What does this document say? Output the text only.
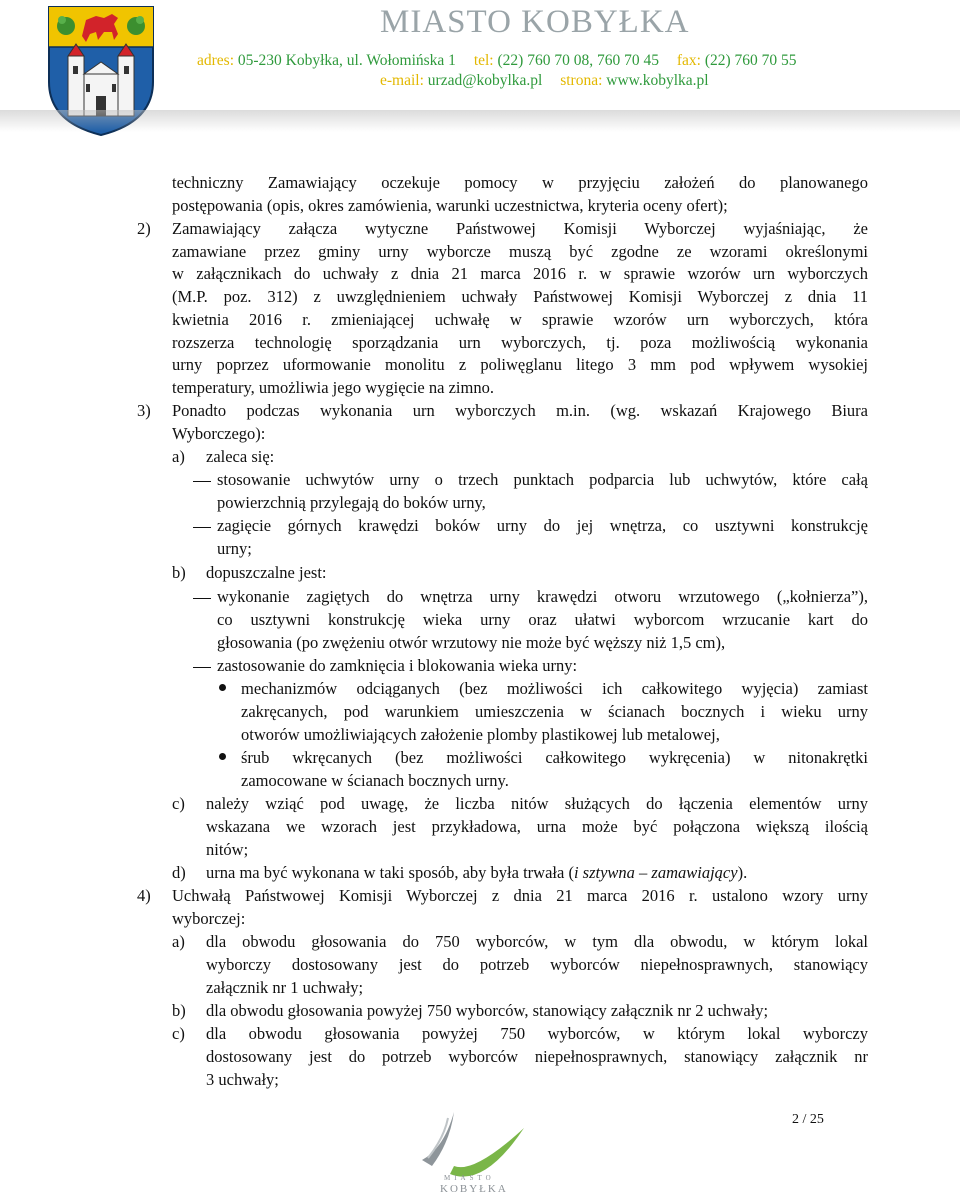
MIASTO KOBYŁKA
adres: 05-230 Kobyłka, ul. Wołomińska 1 tel: (22) 760 70 08, 760 70 45 fax: (22) 760 70 55
e-mail: urzad@kobylka.pl strona: www.kobylka.pl
techniczny Zamawiający oczekuje pomocy w przyjęciu założeń do planowanego
postępowania (opis, okres zamówienia, warunki uczestnictwa, kryteria oceny ofert);
2) Zamawiający załącza wytyczne Państwowej Komisji Wyborczej wyjaśniając, że
zamawiane przez gminy urny wyborcze muszą być zgodne ze wzorami określonymi
w załącznikach do uchwały z dnia 21 marca 2016 r. w sprawie wzorów urn wyborczych
(M.P. poz. 312) z uwzględnieniem uchwały Państwowej Komisji Wyborczej z dnia 11
kwietnia 2016 r. zmieniającej uchwałę w sprawie wzorów urn wyborczych, która
rozszerza technologię sporządzania urn wyborczych, tj. poza możliwością wykonania
urny poprzez uformowanie monolitu z poliwęglanu litego 3 mm pod wpływem wysokiej
temperatury, umożliwia jego wygięcie na zimno.
3) Ponadto podczas wykonania urn wyborczych m.in. (wg. wskazań Krajowego Biura
Wyborczego):
a) zaleca się:
stosowanie uchwytów urny o trzech punktach podparcia lub uchwytów, które całą
powierzchnią przylegają do boków urny,
zagięcie górnych krawędzi boków urny do jej wnętrza, co usztywni konstrukcję
urny;
b) dopuszczalne jest:
wykonanie zagiętych do wnętrza urny krawędzi otworu wrzutowego („kołnierza”),
co usztywni konstrukcję wieka urny oraz ułatwi wyborcom wrzucanie kart do
głosowania (po zwężeniu otwór wrzutowy nie może być węższy niż 1,5 cm),
zastosowanie do zamknięcia i blokowania wieka urny:
mechanizmów odciąganych (bez możliwości ich całkowitego wyjęcia) zamiast
zakręcanych, pod warunkiem umieszczenia w ścianach bocznych i wieku urny
otworów umożliwiających założenie plomby plastikowej lub metalowej,
śrub wkręcanych (bez możliwości całkowitego wykręcenia) w nitonakrętki
zamocowane w ścianach bocznych urny.
c) należy wziąć pod uwagę, że liczba nitów służących do łączenia elementów urny
wskazana we wzorach jest przykładowa, urna może być połączona większą ilością
nitów;
d) urna ma być wykonana w taki sposób, aby była trwała (i sztywna – zamawiający).
4) Uchwałą Państwowej Komisji Wyborczej z dnia 21 marca 2016 r. ustalono wzory urny
wyborczej:
a) dla obwodu głosowania do 750 wyborców, w tym dla obwodu, w którym lokal
wyborczy dostosowany jest do potrzeb wyborców niepełnosprawnych, stanowiący
załącznik nr 1 uchwały;
b) dla obwodu głosowania powyżej 750 wyborców, stanowiący załącznik nr 2 uchwały;
c) dla obwodu głosowania powyżej 750 wyborców, w którym lokal wyborczy
dostosowany jest do potrzeb wyborców niepełnosprawnych, stanowiący załącznik nr
3 uchwały;
2 / 25
MIASTO
KOBYŁKA
